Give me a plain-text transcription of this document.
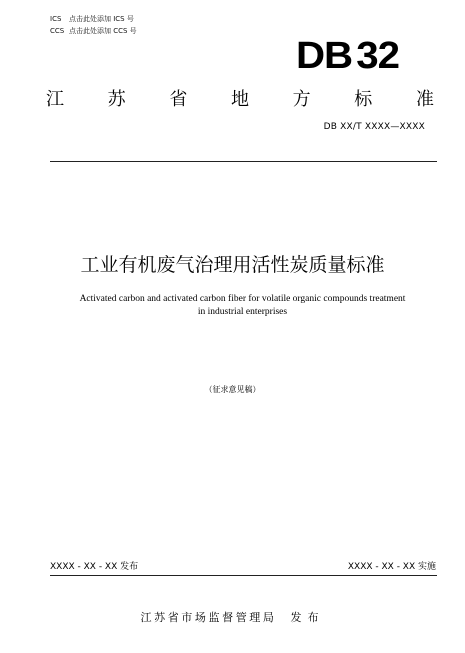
ICS 点击此处添加 ICS 号
CCS 点击此处添加 CCS 号
DB 32
江 苏 省 地 方 标 准
DB XX/T XXXX—XXXX
工业有机废气治理用活性炭质量标准
Activated carbon and activated carbon fiber for volatile organic compounds treatment
in industrial enterprises
（征求意见稿）
XXXX - XX - XX 发布	XXXX - XX - XX 实施
江苏省市场监督管理局 发布
